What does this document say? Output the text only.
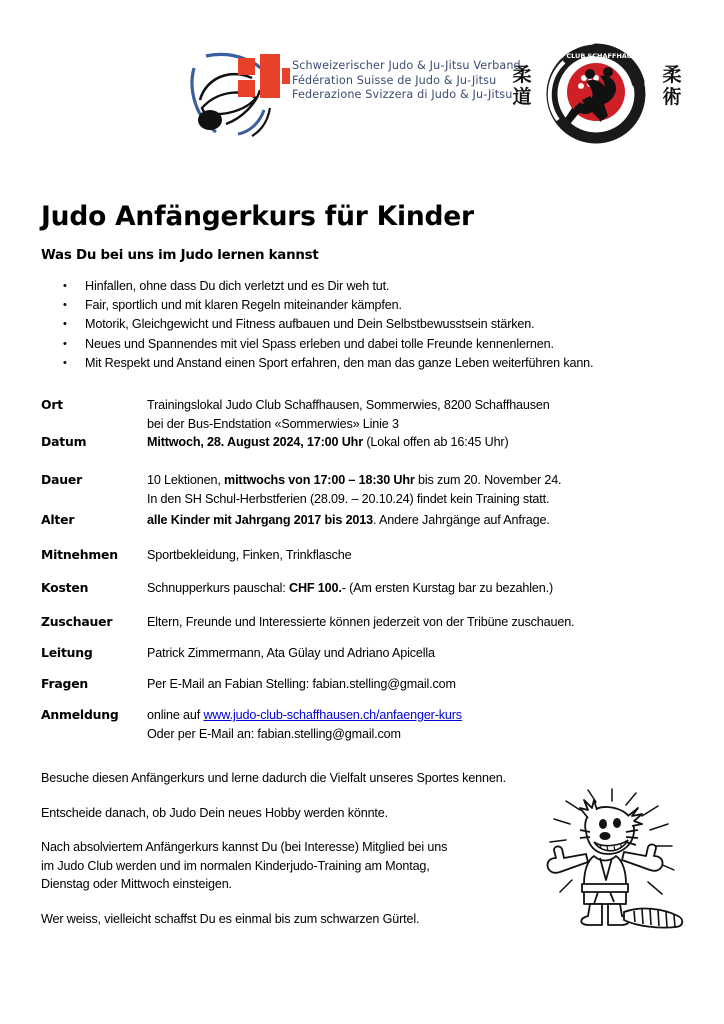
Schweizerischer Judo & Ju-Jitsu Verband
Fédération Suisse de Judo & Ju-Jitsu
Federazione Svizzera di Judo & Ju-Jitsu
柔道
柔術
JUDO CLUB SCHAFFHAUSEN
Judo Anfängerkurs für Kinder
Was Du bei uns im Judo lernen kannst
•	Hinfallen, ohne dass Du dich verletzt und es Dir weh tut.
•	Fair, sportlich und mit klaren Regeln miteinander kämpfen.
•	Motorik, Gleichgewicht und Fitness aufbauen und Dein Selbstbewusstsein stärken.
•	Neues und Spannendes mit viel Spass erleben und dabei tolle Freunde kennenlernen.
•	Mit Respekt und Anstand einen Sport erfahren, den man das ganze Leben weiterführen kann.
Ort	Trainingslokal Judo Club Schaffhausen, Sommerwies, 8200 Schaffhausen
bei der Bus-Endstation «Sommerwies» Linie 3
Datum	Mittwoch, 28. August 2024, 17:00 Uhr (Lokal offen ab 16:45 Uhr)
Dauer	10 Lektionen, mittwochs von 17:00 – 18:30 Uhr bis zum 20. November 24.
In den SH Schul-Herbstferien (28.09. – 20.10.24) findet kein Training statt.
Alter	alle Kinder mit Jahrgang 2017 bis 2013. Andere Jahrgänge auf Anfrage.
Mitnehmen	Sportbekleidung, Finken, Trinkflasche
Kosten	Schnupperkurs pauschal: CHF 100.- (Am ersten Kurstag bar zu bezahlen.)
Zuschauer	Eltern, Freunde und Interessierte können jederzeit von der Tribüne zuschauen.
Leitung	Patrick Zimmermann, Ata Gülay und Adriano Apicella
Fragen	Per E-Mail an Fabian Stelling: fabian.stelling@gmail.com
Anmeldung	online auf www.judo-club-schaffhausen.ch/anfaenger-kurs
Oder per E-Mail an: fabian.stelling@gmail.com

Besuche diesen Anfängerkurs und lerne dadurch die Vielfalt unseres Sportes kennen.

Entscheide danach, ob Judo Dein neues Hobby werden könnte.

Nach absolviertem Anfängerkurs kannst Du (bei Interesse) Mitglied bei uns
im Judo Club werden und im normalen Kinderjudo-Training am Montag,
Dienstag oder Mittwoch einsteigen.

Wer weiss, vielleicht schaffst Du es einmal bis zum schwarzen Gürtel.
